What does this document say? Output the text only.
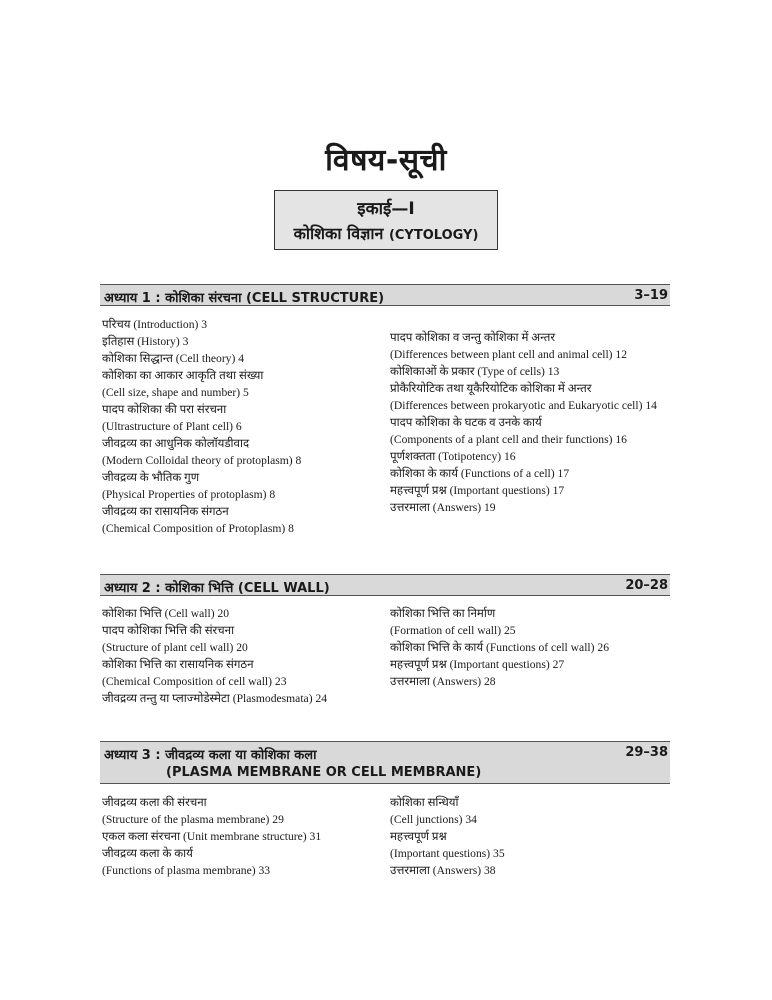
विषय-सूची
इकाई—I
कोशिका विज्ञान (CYTOLOGY)
अध्याय 1 : कोशिका संरचना (CELL STRUCTURE)	3–19
परिचय (Introduction) 3
इतिहास (History) 3
कोशिका सिद्धान्त (Cell theory) 4
कोशिका का आकार आकृति तथा संख्या
(Cell size, shape and number) 5
पादप कोशिका की परा संरचना
(Ultrastructure of Plant cell) 6
जीवद्रव्य का आधुनिक कोलॉयडीवाद
(Modern Colloidal theory of protoplasm) 8
जीवद्रव्य के भौतिक गुण
(Physical Properties of protoplasm) 8
जीवद्रव्य का रासायनिक संगठन
(Chemical Composition of Protoplasm) 8
पादप कोशिका व जन्तु कोशिका में अन्तर
(Differences between plant cell and animal cell) 12
कोशिकाओं के प्रकार (Type of cells) 13
प्रोकैरियोटिक तथा यूकैरियोटिक कोशिका में अन्तर
(Differences between prokaryotic and Eukaryotic cell) 14
पादप कोशिका के घटक व उनके कार्य
(Components of a plant cell and their functions) 16
पूर्णशक्तता (Totipotency) 16
कोशिका के कार्य (Functions of a cell) 17
महत्त्वपूर्ण प्रश्न (Important questions) 17
उत्तरमाला (Answers) 19
अध्याय 2 : कोशिका भित्ति (CELL WALL)	20–28
कोशिका भित्ति (Cell wall) 20
पादप कोशिका भित्ति की संरचना
(Structure of plant cell wall) 20
कोशिका भित्ति का रासायनिक संगठन
(Chemical Composition of cell wall) 23
जीवद्रव्य तन्तु या प्लाज्मोडेस्मेटा (Plasmodesmata) 24
कोशिका भित्ति का निर्माण
(Formation of cell wall) 25
कोशिका भित्ति के कार्य (Functions of cell wall) 26
महत्त्वपूर्ण प्रश्न (Important questions) 27
उत्तरमाला (Answers) 28
अध्याय 3 : जीवद्रव्य कला या कोशिका कला
(PLASMA MEMBRANE OR CELL MEMBRANE)
29–38
जीवद्रव्य कला की संरचना
(Structure of the plasma membrane) 29
एकल कला संरचना (Unit membrane structure) 31
जीवद्रव्य कला के कार्य
(Functions of plasma membrane) 33
कोशिका सन्धियाँ
(Cell junctions) 34
महत्त्वपूर्ण प्रश्न
(Important questions) 35
उत्तरमाला (Answers) 38
